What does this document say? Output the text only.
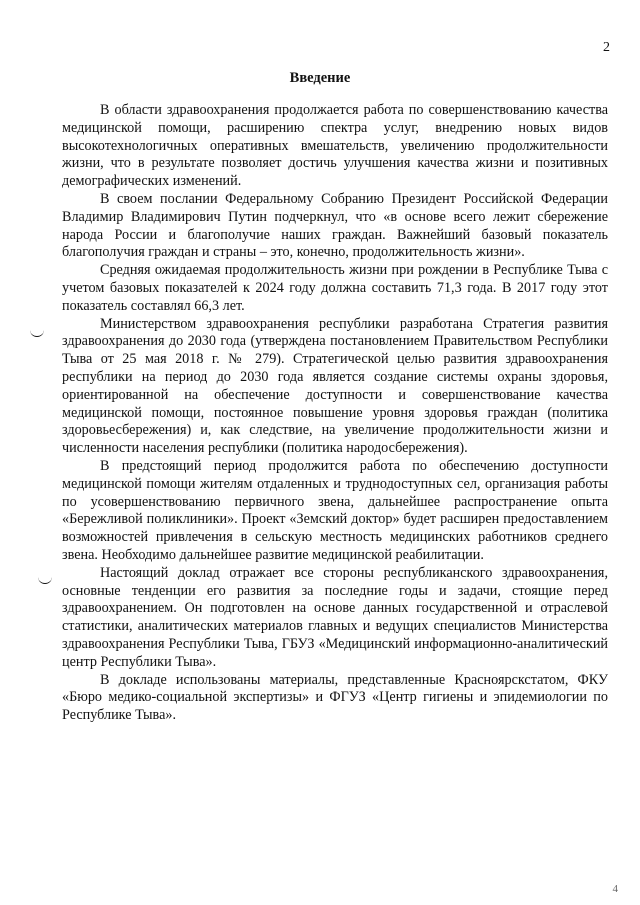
2
Введение

В области здравоохранения продолжается работа по совершенствованию качества медицинской помощи, расширению спектра услуг, внедрению новых видов высокотехнологичных оперативных вмешательств, увеличению продолжительности жизни, что в результате позволяет достичь улучшения качества жизни и позитивных демографических изменений.

В своем послании Федеральному Собранию Президент Российской Федерации Владимир Владимирович Путин подчеркнул, что «в основе всего лежит сбережение народа России и благополучие наших граждан. Важнейший базовый показатель благополучия граждан и страны – это, конечно, продолжительность жизни».

Средняя ожидаемая продолжительность жизни при рождении в Республике Тыва с учетом базовых показателей к 2024 году должна составить 71,3 года. В 2017 году этот показатель составлял 66,3 лет.

Министерством здравоохранения республики разработана Стратегия развития здравоохранения до 2030 года (утверждена постановлением Правительством Республики Тыва от 25 мая 2018 г. № 279). Стратегической целью развития здравоохранения республики на период до 2030 года является создание системы охраны здоровья, ориентированной на обеспечение доступности и совершенствование качества медицинской помощи, постоянное повышение уровня здоровья граждан (политика здоровьесбережения) и, как следствие, на увеличение продолжительности жизни и численности населения республики (политика народосбережения).

В предстоящий период продолжится работа по обеспечению доступности медицинской помощи жителям отдаленных и труднодоступных сел, организация работы по усовершенствованию первичного звена, дальнейшее распространение опыта «Бережливой поликлиники». Проект «Земский доктор» будет расширен предоставлением возможностей привлечения в сельскую местность медицинских работников среднего звена. Необходимо дальнейшее развитие медицинской реабилитации.

Настоящий доклад отражает все стороны республиканского здравоохранения, основные тенденции его развития за последние годы и задачи, стоящие перед здравоохранением. Он подготовлен на основе данных государственной и отраслевой статистики, аналитических материалов главных и ведущих специалистов Министерства здравоохранения Республики Тыва, ГБУЗ «Медицинский информационно-аналитический центр Республики Тыва».

В докладе использованы материалы, представленные Красноярскстатом, ФКУ «Бюро медико-социальной экспертизы» и ФГУЗ «Центр гигиены и эпидемиологии по Республике Тыва».

4
